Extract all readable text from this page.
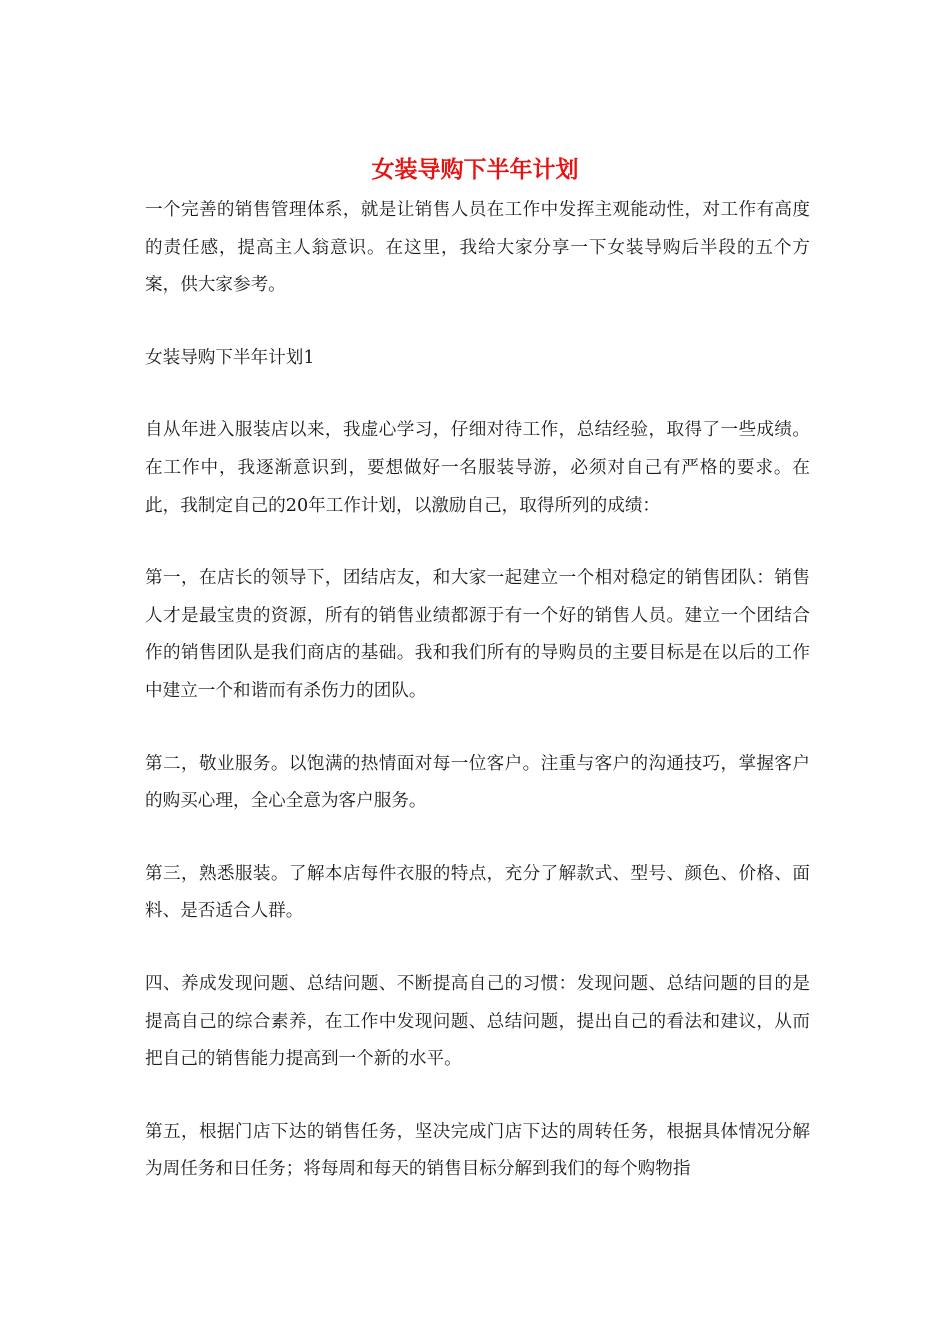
女装导购下半年计划

一个完善的销售管理体系，就是让销售人员在工作中发挥主观能动性，对工作有高度的责任感，提高主人翁意识。在这里，我给大家分享一下女装导购后半段的五个方案，供大家参考。

女装导购下半年计划1

自从年进入服装店以来，我虚心学习，仔细对待工作，总结经验，取得了一些成绩。在工作中，我逐渐意识到，要想做好一名服装导游，必须对自己有严格的要求。在此，我制定自己的20年工作计划，以激励自己，取得所列的成绩：

第一，在店长的领导下，团结店友，和大家一起建立一个相对稳定的销售团队：销售人才是最宝贵的资源，所有的销售业绩都源于有一个好的销售人员。建立一个团结合作的销售团队是我们商店的基础。我和我们所有的导购员的主要目标是在以后的工作中建立一个和谐而有杀伤力的团队。

第二，敬业服务。以饱满的热情面对每一位客户。注重与客户的沟通技巧，掌握客户的购买心理，全心全意为客户服务。

第三，熟悉服装。了解本店每件衣服的特点，充分了解款式、型号、颜色、价格、面料、是否适合人群。

四、养成发现问题、总结问题、不断提高自己的习惯：发现问题、总结问题的目的是提高自己的综合素养，在工作中发现问题、总结问题，提出自己的看法和建议，从而把自己的销售能力提高到一个新的水平。

第五，根据门店下达的销售任务，坚决完成门店下达的周转任务，根据具体情况分解为周任务和日任务；将每周和每天的销售目标分解到我们的每个购物指
